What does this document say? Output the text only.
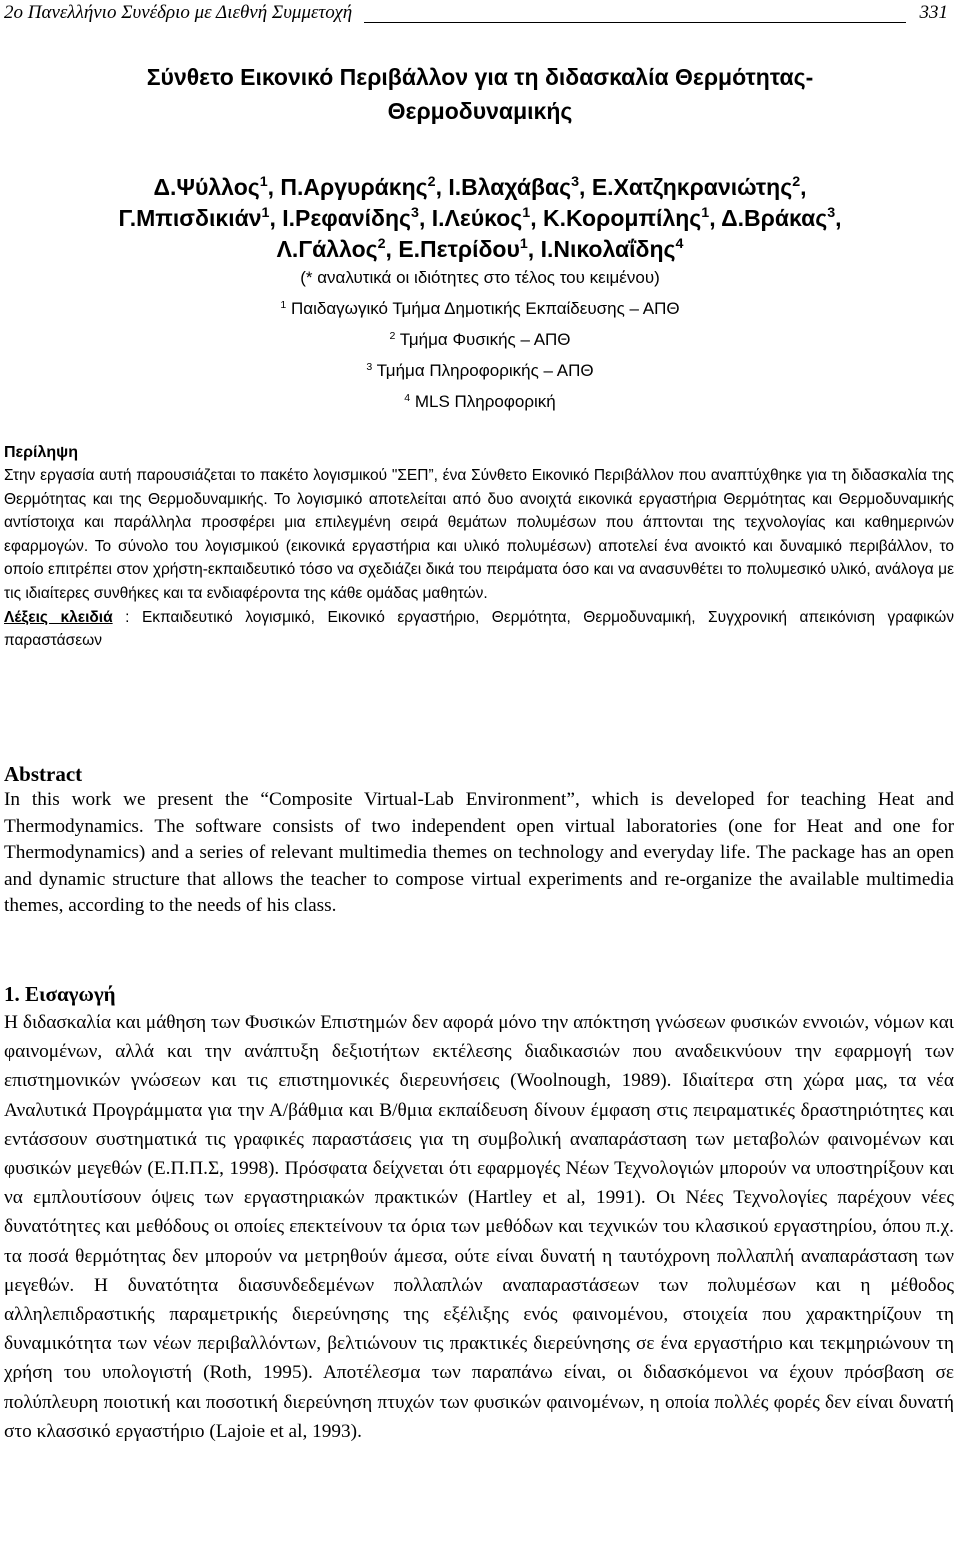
2ο Πανελλήνιο Συνέδριο με Διεθνή Συμμετοχή	331
Σύνθετο Εικονικό Περιβάλλον για τη διδασκαλία Θερμότητας-
Θερμοδυναμικής
Δ.Ψύλλος$^1$, Π.Αργυράκης$^2$, Ι.Βλαχάβας$^3$, Ε.Χατζηκρανιώτης$^2$,
Γ.Μπισδικιάν$^1$, Ι.Ρεφανίδης$^3$, Ι.Λεύκος$^1$, Κ.Κορομπίλης$^1$, Δ.Βράκας$^3$,
Λ.Γάλλος$^2$, Ε.Πετρίδου$^1$, Ι.Νικολαΐδης$^4$
(* αναλυτικά οι ιδιότητες στο τέλος του κειμένου)
$^1$ Παιδαγωγικό Τμήμα Δημοτικής Εκπαίδευσης – ΑΠΘ
$^2$ Τμήμα Φυσικής – ΑΠΘ
$^3$ Τμήμα Πληροφορικής – ΑΠΘ
$^4$ MLS Πληροφορική
Περίληψη

Στην εργασία αυτή παρουσιάζεται το πακέτο λογισμικού "ΣΕΠ”, ένα Σύνθετο Εικονικό Περιβάλλον που αναπτύχθηκε για τη διδασκαλία της Θερμότητας και της Θερμοδυναμικής. Το λογισμικό αποτελείται από δυο ανοιχτά εικονικά εργαστήρια Θερμότητας και Θερμοδυναμικής αντίστοιχα και παράλληλα προσφέρει μια επιλεγμένη σειρά θεμάτων πολυμέσων που άπτονται της τεχνολογίας και καθημερινών εφαρμογών. Το σύνολο του λογισμικού (εικονικά εργαστήρια και υλικό πολυμέσων) αποτελεί ένα ανοικτό και δυναμικό περιβάλλον, το οποίο επιτρέπει στον χρήστη-εκπαιδευτικό τόσο να σχεδιάζει δικά του πειράματα όσο και να ανασυνθέτει το πολυμεσικό υλικό, ανάλογα με τις ιδιαίτερες συνθήκες και τα ενδιαφέροντα της κάθε ομάδας μαθητών.

Λέξεις κλειδιά : Εκπαιδευτικό λογισμικό, Εικονικό εργαστήριο, Θερμότητα, Θερμοδυναμική, Συγχρονική απεικόνιση γραφικών παραστάσεων

Abstract

In this work we present the “Composite Virtual-Lab Environment”, which is developed for teaching Heat and Thermodynamics. The software consists of two independent open virtual laboratories (one for Heat and one for Thermodynamics) and a series of relevant multimedia themes on technology and everyday life. The package has an open and dynamic structure that allows the teacher to compose virtual experiments and re-organize the available multimedia themes, according to the needs of his class.

1. Εισαγωγή

Η διδασκαλία και μάθηση των Φυσικών Επιστημών δεν αφορά μόνο την απόκτηση γνώσεων φυσικών εννοιών, νόμων και φαινομένων, αλλά και την ανάπτυξη δεξιοτήτων εκτέλεσης διαδικασιών που αναδεικνύουν την εφαρμογή των επιστημονικών γνώσεων και τις επιστημονικές διερευνήσεις (Woolnough, 1989). Ιδιαίτερα στη χώρα μας, τα νέα Αναλυτικά Προγράμματα για την Α/βάθμια και Β/θμια εκπαίδευση δίνουν έμφαση στις πειραματικές δραστηριότητες και εντάσσουν συστηματικά τις γραφικές παραστάσεις για τη συμβολική αναπαράσταση των μεταβολών φαινομένων και φυσικών μεγεθών (Ε.Π.Π.Σ, 1998). Πρόσφατα δείχνεται ότι εφαρμογές Νέων Τεχνολογιών μπορούν να υποστηρίξουν και να εμπλουτίσουν όψεις των εργαστηριακών πρακτικών (Hartley et al, 1991). Οι Νέες Τεχνολογίες παρέχουν νέες δυνατότητες και μεθόδους οι οποίες επεκτείνουν τα όρια των μεθόδων και τεχνικών του κλασικού εργαστηρίου, όπου π.χ. τα ποσά θερμότητας δεν μπορούν να μετρηθούν άμεσα, ούτε είναι δυνατή η ταυτόχρονη πολλαπλή αναπαράσταση των μεγεθών. Η δυνατότητα διασυνδεδεμένων πολλαπλών αναπαραστάσεων των πολυμέσων και η μέθοδος αλληλεπιδραστικής παραμετρικής διερεύνησης της εξέλιξης ενός φαινομένου, στοιχεία που χαρακτηρίζουν τη δυναμικότητα των νέων περιβαλλόντων, βελτιώνουν τις πρακτικές διερεύνησης σε ένα εργαστήριο και τεκμηριώνουν τη χρήση του υπολογιστή (Roth, 1995). Αποτέλεσμα των παραπάνω είναι, οι διδασκόμενοι να έχουν πρόσβαση σε πολύπλευρη ποιοτική και ποσοτική διερεύνηση πτυχών των φυσικών φαινομένων, η οποία πολλές φορές δεν είναι δυνατή στο κλασσικό εργαστήριο (Lajoie et al, 1993).
